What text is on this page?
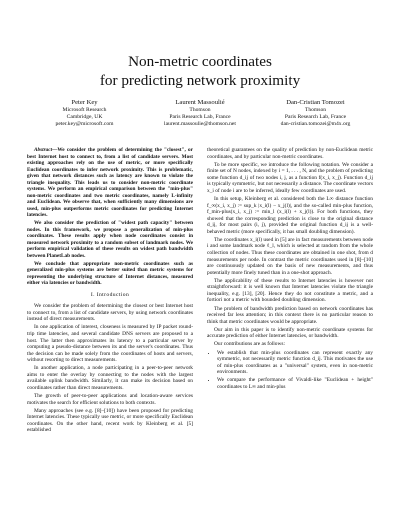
Non-metric coordinates
for predicting network proximity
Peter Key
Microsoft Research
Cambridge, UK
peter.key@microsoft.com
Laurent Massoulié
Thomson
Paris Research Lab, France
laurent.massoulie@thomson.net
Dan-Cristian Tomozei
Thomson
Paris Research Lab, France
dan-cristian.tomozei@m4x.org

Abstract—We consider the problem of determining the "closest", or best Internet host to connect to, from a list of candidate servers. Most existing approaches rely on the use of metric, or more specifically Euclidean coordinates to infer network proximity. This is problematic, given that network distances such as latency are known to violate the triangle inequality. This leads us to consider non-metric coordinate systems. We perform an empirical comparison between the "min-plus" non-metric coordinates and two metric coordinates, namely L-infinity and Euclidean. We observe that, when sufficiently many dimensions are used, min-plus outperforms metric coordinates for predicting Internet latencies.

We also consider the prediction of "widest path capacity" between nodes. In this framework, we propose a generalization of min-plus coordinates. These results apply when node coordinates consist in measured network proximity to a random subset of landmark nodes. We perform empirical validation of these results on widest path bandwidth between PlanetLab nodes.

We conclude that appropriate non-metric coordinates such as generalized min-plus systems are better suited than metric systems for representing the underlying structure of Internet distances, measured either via latencies or bandwidth.

I. Introduction

We consider the problem of determining the closest or best Internet host to connect to, from a list of candidate servers, by using network coordinates instead of direct measurements.

In one application of interest, closeness is measured by IP packet round-trip time latencies, and several candidate DNS servers are proposed to a host. The latter then approximates its latency to a particular server by computing a pseudo-distance between its and the server's coordinates. Thus the decision can be made solely from the coordinates of hosts and servers, without resorting to direct measurements.

In another application, a node participating in a peer-to-peer network aims to enter the overlay by connecting to the nodes with the largest available uplink bandwidth. Similarly, it can make its decision based on coordinates rather than direct measurements.

The growth of peer-to-peer applications and location-aware services motivates the search for efficient solutions to both contexts.

Many approaches (see e.g. [8]–[10]) have been proposed for predicting Internet latencies. These typically use metric, or more specifically Euclidean coordinates. On the other hand, recent work by Kleinberg et al. [5] established

theoretical guarantees on the quality of prediction by non-Euclidean metric coordinates, and by particular non-metric coordinates.

To be more specific, we introduce the following notation. We consider a finite set of N nodes, indexed by i = 1, . . . , N, and the problem of predicting some function d_ij of two nodes i, j, as a function f(x_i, x_j). Function d_ij is typically symmetric, but not necessarily a distance. The coordinate vectors x_i of node i are to be inferred, ideally few coordinates are used.

In this setup, Kleinberg et al. considered both the L∞ distance function f_∞(x_i, x_j) := sup_k |x_i(l) − x_j(l)|, and the so-called min-plus function, f_min-plus(x_i, x_j) := min_l (x_i(l) + x_j(l)). For both functions, they showed that the corresponding prediction is close to the original distance d_ij, for most pairs (i, j), provided the original function d_ij is a well-behaved metric (more specifically, it has small doubling dimension).

The coordinates x_i(l) used in [5] are in fact measurements between node i and some landmark node ℓ_l, which is selected at random from the whole collection of nodes. Thus these coordinates are obtained in one shot, from d measurements per node. In contrast the metric coordinates used in [8]–[10] are continuously updated on the basis of new measurements, and thus potentially more finely tuned than in a one-shot approach.

The applicability of these results to Internet latencies is however not straightforward: it is well known that Internet latencies violate the triangle inequality, e.g. [13], [20]. Hence they do not constitute a metric, and a fortiori not a metric with bounded doubling dimension.

The problem of bandwidth prediction based on network coordinates has received far less attention; in this context there is no particular reason to think that metric coordinates would be appropriate.

Our aim in this paper is to identify non-metric coordinate systems for accurate prediction of either Internet latencies, or bandwidth.

Our contributions are as follows:

• We establish that min-plus coordinates can represent exactly any symmetric, not necessarily metric function d_ij. This motivates the use of min-plus coordinates as a "universal" system, even in non-metric environments.
• We compare the performance of Vivaldi-like "Euclidean + height" coordinates to L∞ and min-plus
